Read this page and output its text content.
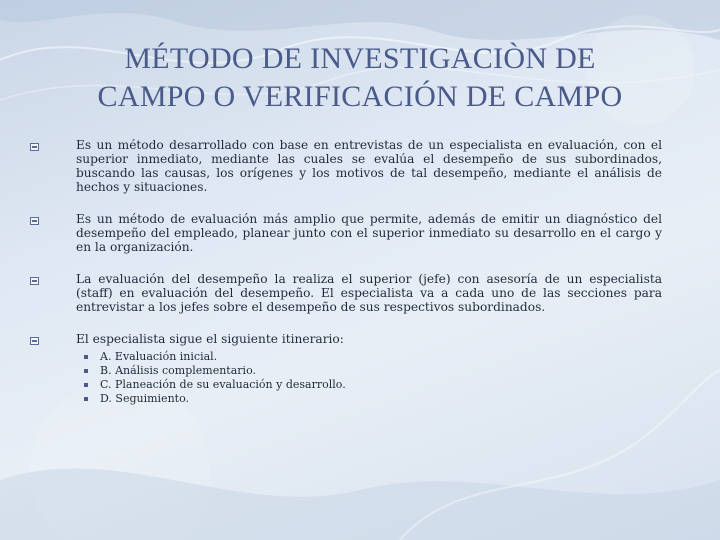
MÉTODO DE INVESTIGACIÒN DE
CAMPO O VERIFICACIÓN DE CAMPO
Es un método desarrollado con base en entrevistas de un especialista en evaluación, con el superior inmediato, mediante las cuales se evalúa el desempeño de sus subordinados, buscando las causas, los orígenes y los motivos de tal desempeño, mediante el análisis de hechos y situaciones.
Es un método de evaluación más amplio que permite, además de emitir un diagnóstico del desempeño del empleado, planear junto con el superior inmediato su desarrollo en el cargo y en la organización.
La evaluación del desempeño la realiza el superior (jefe) con asesoría de un especialista (staff) en evaluación del desempeño. El especialista va a cada uno de las secciones para entrevistar a los jefes sobre el desempeño de sus respectivos subordinados.
El especialista sigue el siguiente itinerario:
A. Evaluación inicial.
B. Análisis complementario.
C. Planeación de su evaluación y desarrollo.
D. Seguimiento.
